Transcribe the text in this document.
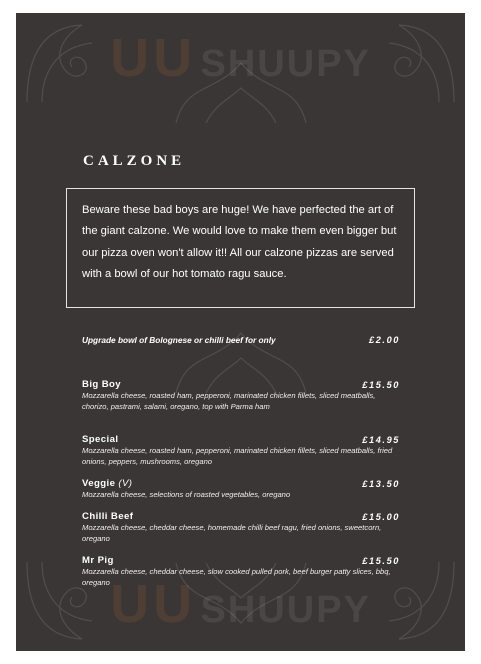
UU SHUUPY
UU SHUUPY
CALZONE

Beware these bad boys are huge! We have perfected the art of the giant calzone. We would love to make them even bigger but our pizza oven won't allow it!! All our calzone pizzas are served with a bowl of our hot tomato ragu sauce.

Upgrade bowl of Bolognese or chilli beef for only	£2.00
Big Boy
Mozzarella cheese, roasted ham, pepperoni, marinated chicken fillets, sliced meatballs, chorizo, pastrami, salami, oregano, top with Parma ham
£15.50
Special
Mozzarella cheese, roasted ham, pepperoni, marinated chicken fillets, sliced meatballs, fried onions, peppers, mushrooms, oregano
£14.95
Veggie (V)
Mozzarella cheese, selections of roasted vegetables, oregano
£13.50
Chilli Beef
Mozzarella cheese, cheddar cheese, homemade chilli beef ragu, fried onions, sweetcorn, oregano
£15.00
Mr Pig
Mozzarella cheese, cheddar cheese, slow cooked pulled pork, beef burger patty slices, bbq, oregano
£15.50
